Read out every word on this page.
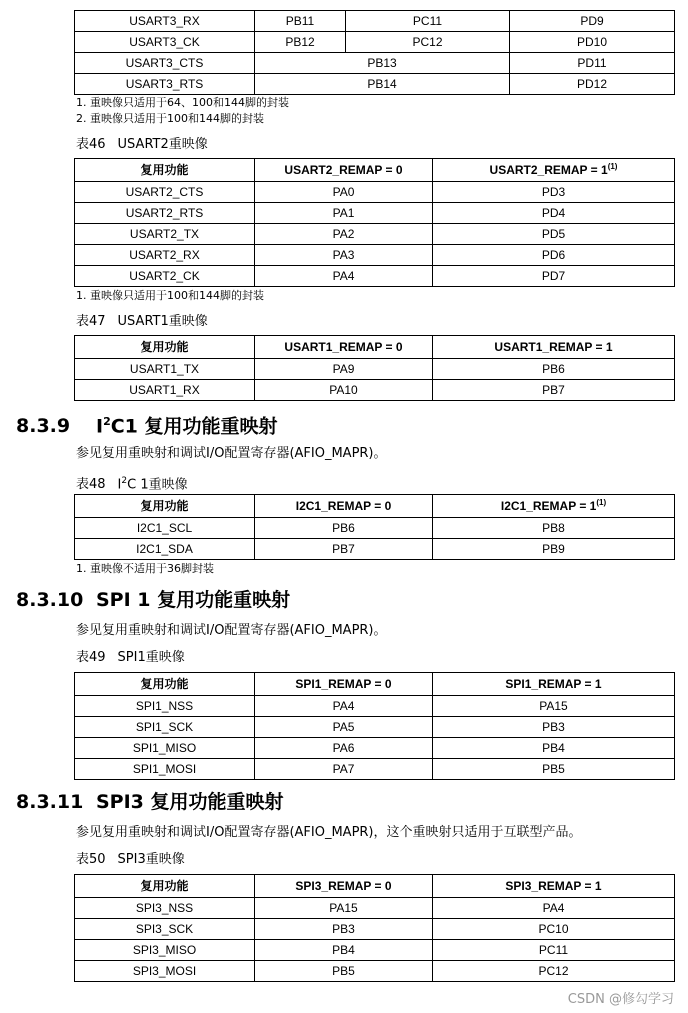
USART3_RX	PB11	PC11	PD9
USART3_CK	PB12	PC12	PD10
USART3_CTS	PB13		PD11
USART3_RTS	PB14		PD12
1. 重映像只适用于64、100和144脚的封装
2. 重映像只适用于100和144脚的封装
表46 USART2重映像
复用功能	USART2_REMAP = 0	USART2_REMAP = $1^{(1)}$
USART2_CTS	PA0	PD3
USART2_RTS	PA1	PD4
USART2_TX	PA2	PD5
USART2_RX	PA3	PD6
USART2_CK	PA4	PD7
1. 重映像只适用于100和144脚的封装
表47 USART1重映像
复用功能	USART1_REMAP = 0	USART1_REMAP = 1
USART1_TX	PA9	PB6
USART1_RX	PA10	PB7
8.3.9 $I^2C1$ 复用功能重映射
参见复用重映射和调试I/O配置寄存器(AFIO_MAPR)。
表48 $I^2C$ 1重映像
复用功能	I2C1_REMAP = 0	I2C1_REMAP = $1^{(1)}$
I2C1_SCL	PB6	PB8
I2C1_SDA	PB7	PB9
1. 重映像不适用于36脚封装
8.3.10 SPI 1 复用功能重映射
参见复用重映射和调试I/O配置寄存器(AFIO_MAPR)。
表49 SPI1重映像
复用功能	SPI1_REMAP = 0	SPI1_REMAP = 1
SPI1_NSS	PA4	PA15
SPI1_SCK	PA5	PB3
SPI1_MISO	PA6	PB4
SPI1_MOSI	PA7	PB5
8.3.11 SPI3 复用功能重映射
参见复用重映射和调试I/O配置寄存器(AFIO_MAPR)，这个重映射只适用于互联型产品。
表50 SPI3重映像
复用功能	SPI3_REMAP = 0	SPI3_REMAP = 1
SPI3_NSS	PA15	PA4
SPI3_SCK	PB3	PC10
SPI3_MISO	PB4	PC11
SPI3_MOSI	PB5	PC12
CSDN @修勾学习
